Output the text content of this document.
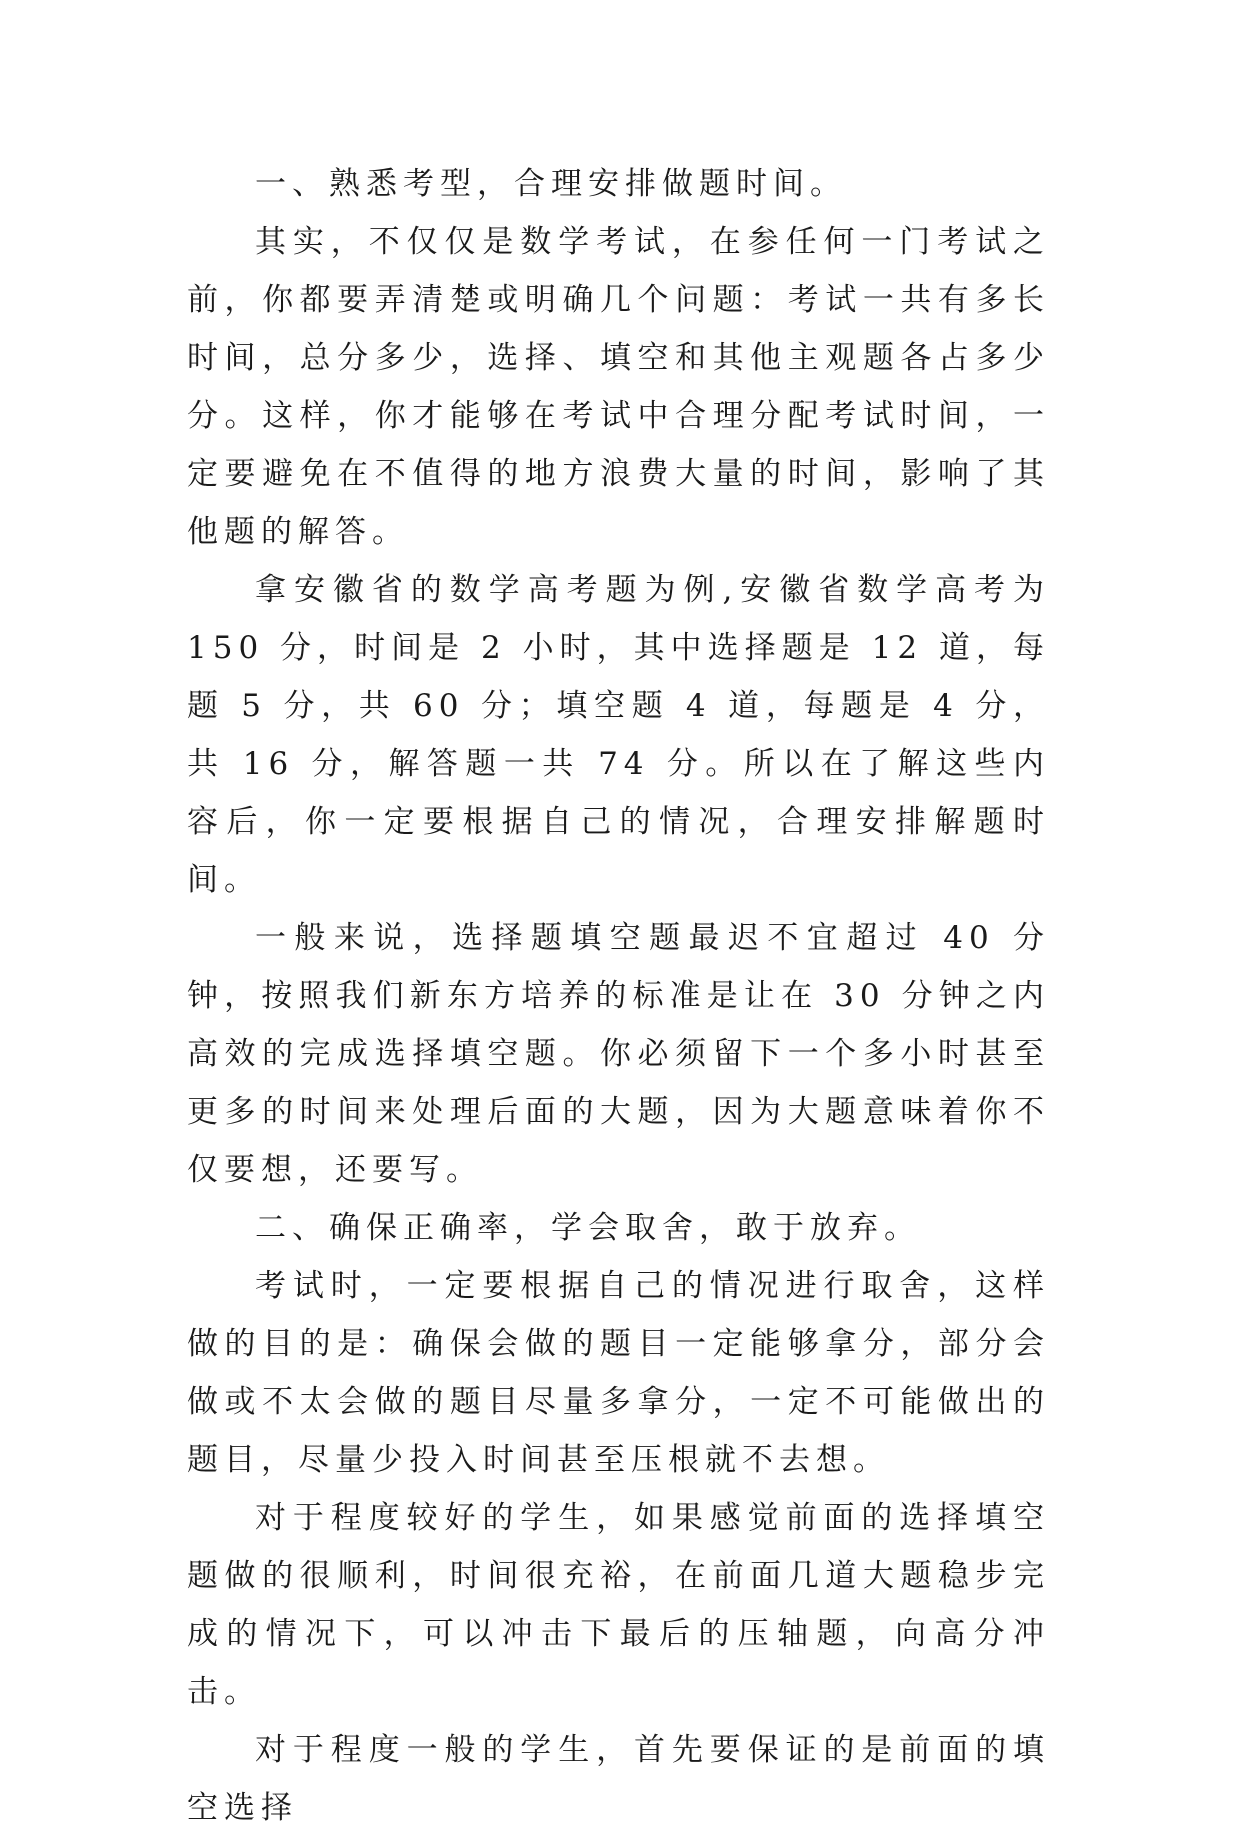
一、熟悉考型，合理安排做题时间。

其实，不仅仅是数学考试，在参任何一门考试之前，你都要弄清楚或明确几个问题：考试一共有多长时间，总分多少，选择、填空和其他主观题各占多少分。这样，你才能够在考试中合理分配考试时间，一定要避免在不值得的地方浪费大量的时间，影响了其他题的解答。

拿安徽省的数学高考题为例,安徽省数学高考为 150 分，时间是 2 小时，其中选择题是 12 道，每题 5 分，共 60 分；填空题 4 道，每题是 4 分，共 16 分，解答题一共 74 分。所以在了解这些内容后，你一定要根据自己的情况，合理安排解题时间。

一般来说，选择题填空题最迟不宜超过 40 分钟，按照我们新东方培养的标准是让在 30 分钟之内高效的完成选择填空题。你必须留下一个多小时甚至更多的时间来处理后面的大题，因为大题意味着你不仅要想，还要写。

二、确保正确率，学会取舍，敢于放弃。

考试时，一定要根据自己的情况进行取舍，这样做的目的是：确保会做的题目一定能够拿分，部分会做或不太会做的题目尽量多拿分，一定不可能做出的题目，尽量少投入时间甚至压根就不去想。

对于程度较好的学生，如果感觉前面的选择填空题做的很顺利，时间很充裕，在前面几道大题稳步完成的情况下，可以冲击下最后的压轴题，向高分冲击。

对于程度一般的学生，首先要保证的是前面的填空选择
